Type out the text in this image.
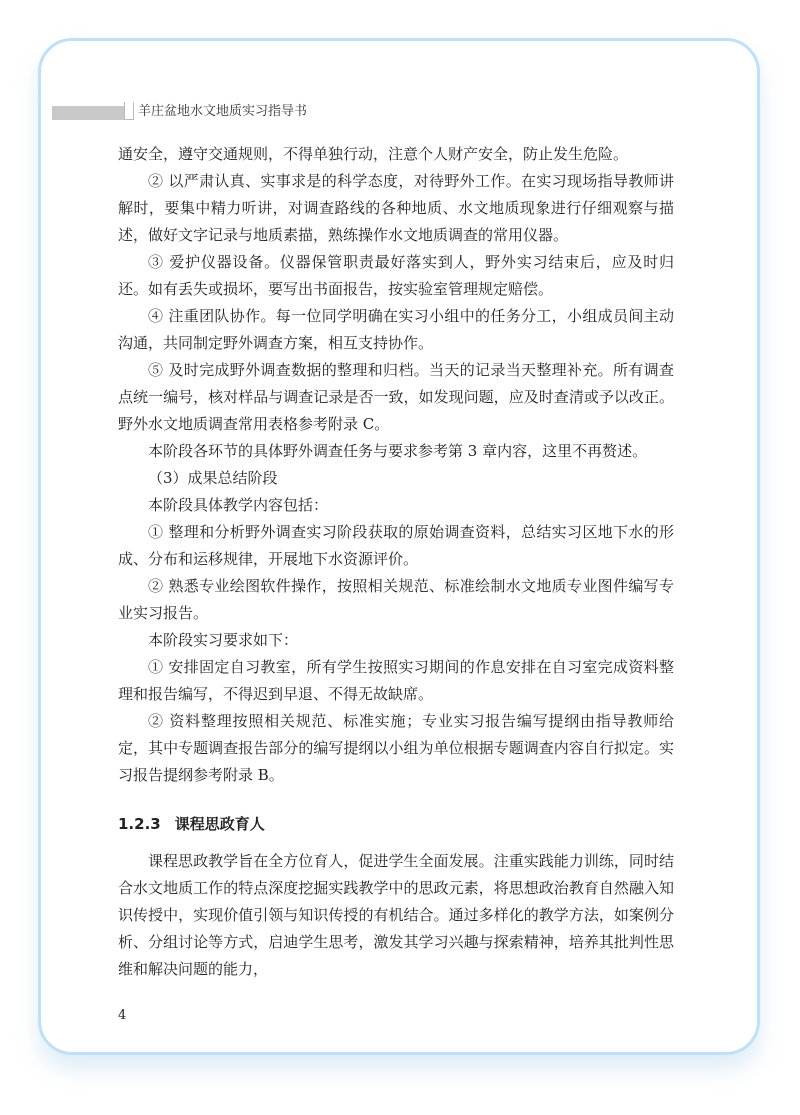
羊庄盆地水文地质实习指导书

通安全，遵守交通规则，不得单独行动，注意个人财产安全，防止发生危险。

② 以严肃认真、实事求是的科学态度，对待野外工作。在实习现场指导教师讲解时，要集中精力听讲，对调查路线的各种地质、水文地质现象进行仔细观察与描述，做好文字记录与地质素描，熟练操作水文地质调查的常用仪器。

③ 爱护仪器设备。仪器保管职责最好落实到人，野外实习结束后，应及时归还。如有丢失或损坏，要写出书面报告，按实验室管理规定赔偿。

④ 注重团队协作。每一位同学明确在实习小组中的任务分工，小组成员间主动沟通，共同制定野外调查方案，相互支持协作。

⑤ 及时完成野外调查数据的整理和归档。当天的记录当天整理补充。所有调查点统一编号，核对样品与调查记录是否一致，如发现问题，应及时查清或予以改正。野外水文地质调查常用表格参考附录 C。

本阶段各环节的具体野外调查任务与要求参考第 3 章内容，这里不再赘述。

（3）成果总结阶段

本阶段具体教学内容包括：

① 整理和分析野外调查实习阶段获取的原始调查资料，总结实习区地下水的形成、分布和运移规律，开展地下水资源评价。

② 熟悉专业绘图软件操作，按照相关规范、标准绘制水文地质专业图件编写专业实习报告。

本阶段实习要求如下：

① 安排固定自习教室，所有学生按照实习期间的作息安排在自习室完成资料整理和报告编写，不得迟到早退、不得无故缺席。

② 资料整理按照相关规范、标准实施；专业实习报告编写提纲由指导教师给定，其中专题调查报告部分的编写提纲以小组为单位根据专题调查内容自行拟定。实习报告提纲参考附录 B。

1.2.3 课程思政育人

课程思政教学旨在全方位育人，促进学生全面发展。注重实践能力训练，同时结合水文地质工作的特点深度挖掘实践教学中的思政元素，将思想政治教育自然融入知识传授中，实现价值引领与知识传授的有机结合。通过多样化的教学方法，如案例分析、分组讨论等方式，启迪学生思考，激发其学习兴趣与探索精神，培养其批判性思维和解决问题的能力，

4
